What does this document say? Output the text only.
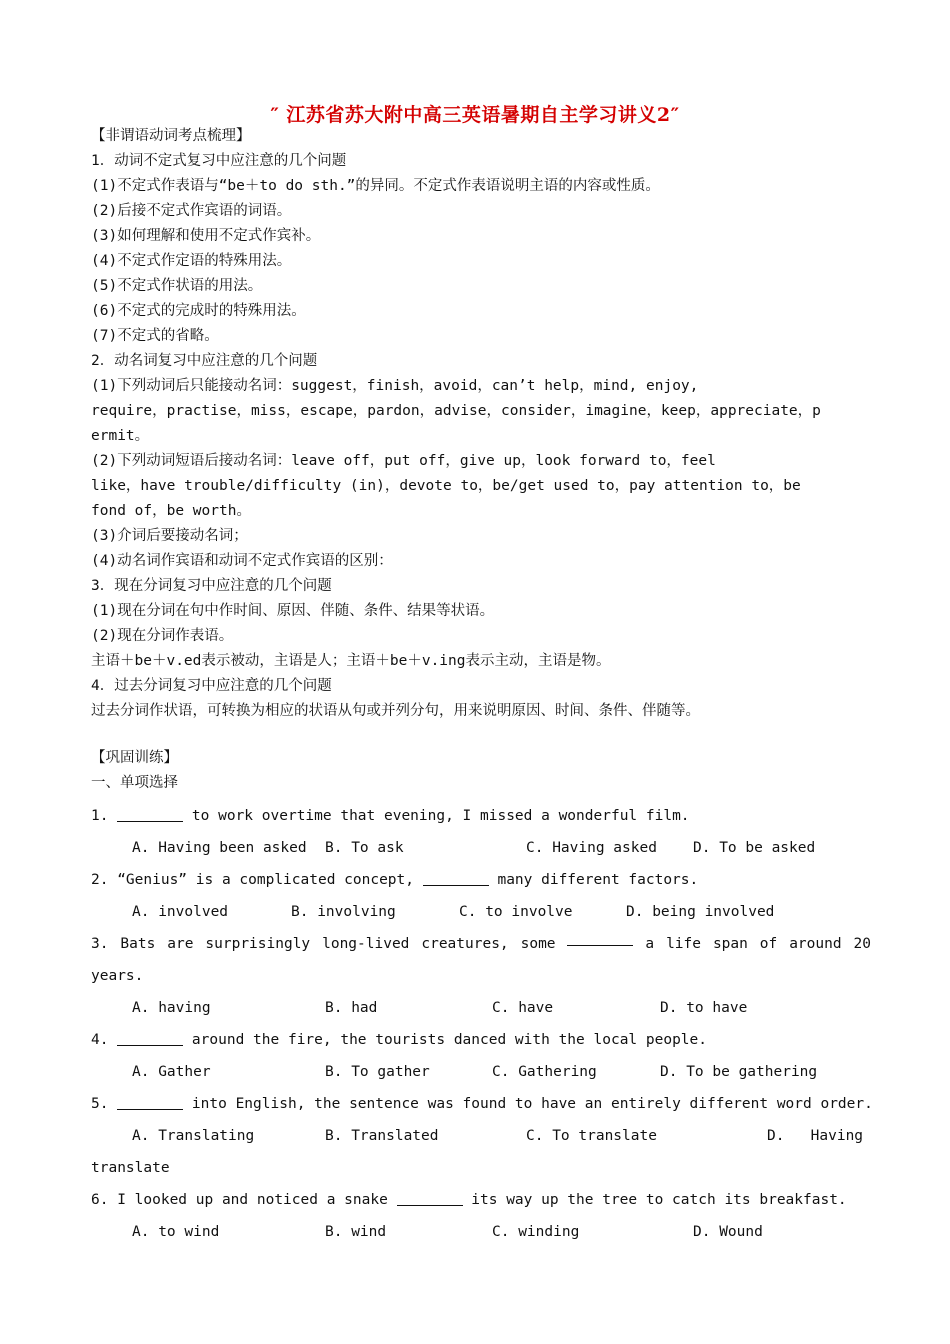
″ 江苏省苏大附中高三英语暑期自主学习讲义2″
【非谓语动词考点梳理】
1．动词不定式复习中应注意的几个问题
(1)不定式作表语与“be＋to do sth.”的异同。不定式作表语说明主语的内容或性质。
(2)后接不定式作宾语的词语。
(3)如何理解和使用不定式作宾补。
(4)不定式作定语的特殊用法。
(5)不定式作状语的用法。
(6)不定式的完成时的特殊用法。
(7)不定式的省略。
2．动名词复习中应注意的几个问题
(1)下列动词后只能接动名词：suggest，finish，avoid，can’t help，mind, enjoy,
require，practise，miss，escape，pardon，advise，consider，imagine，keep，appreciate，p
ermit。
(2)下列动词短语后接动名词：leave off，put off，give up，look forward to，feel
like，have trouble/difficulty (in)，devote to，be/get used to，pay attention to，be
fond of，be worth。
(3)介词后要接动名词；
(4)动名词作宾语和动词不定式作宾语的区别：
3．现在分词复习中应注意的几个问题
(1)现在分词在句中作时间、原因、伴随、条件、结果等状语。
(2)现在分词作表语。
主语＋be＋v.ed表示被动，主语是人；主语＋be＋v.ing表示主动，主语是物。
4．过去分词复习中应注意的几个问题
过去分词作状语，可转换为相应的状语从句或并列分句，用来说明原因、时间、条件、伴随等。
【巩固训练】
一、单项选择
1.	to work overtime that evening, I missed a wonderful film.
A. Having been asked B. To ask	C. Having asked D. To be asked
2. “Genius” is a complicated concept,	many different factors.
A. involved	B. involving	C. to involve	D. being involved
3. Bats are surprisingly long-lived creatures, some	a life span of around 20
years.
A. having	B. had	C. have	D. to have
4.	around the fire, the tourists danced with the local people.
A. Gather	B. To gather	C. Gathering	D. To be gathering
5.	into English, the sentence was found to have an entirely different word order.
A. Translating	B. Translated	C. To translate	D.   Having
translate
6. I looked up and noticed a snake	its way up the tree to catch its breakfast.
A. to wind	B. wind	C. winding	D. Wound
